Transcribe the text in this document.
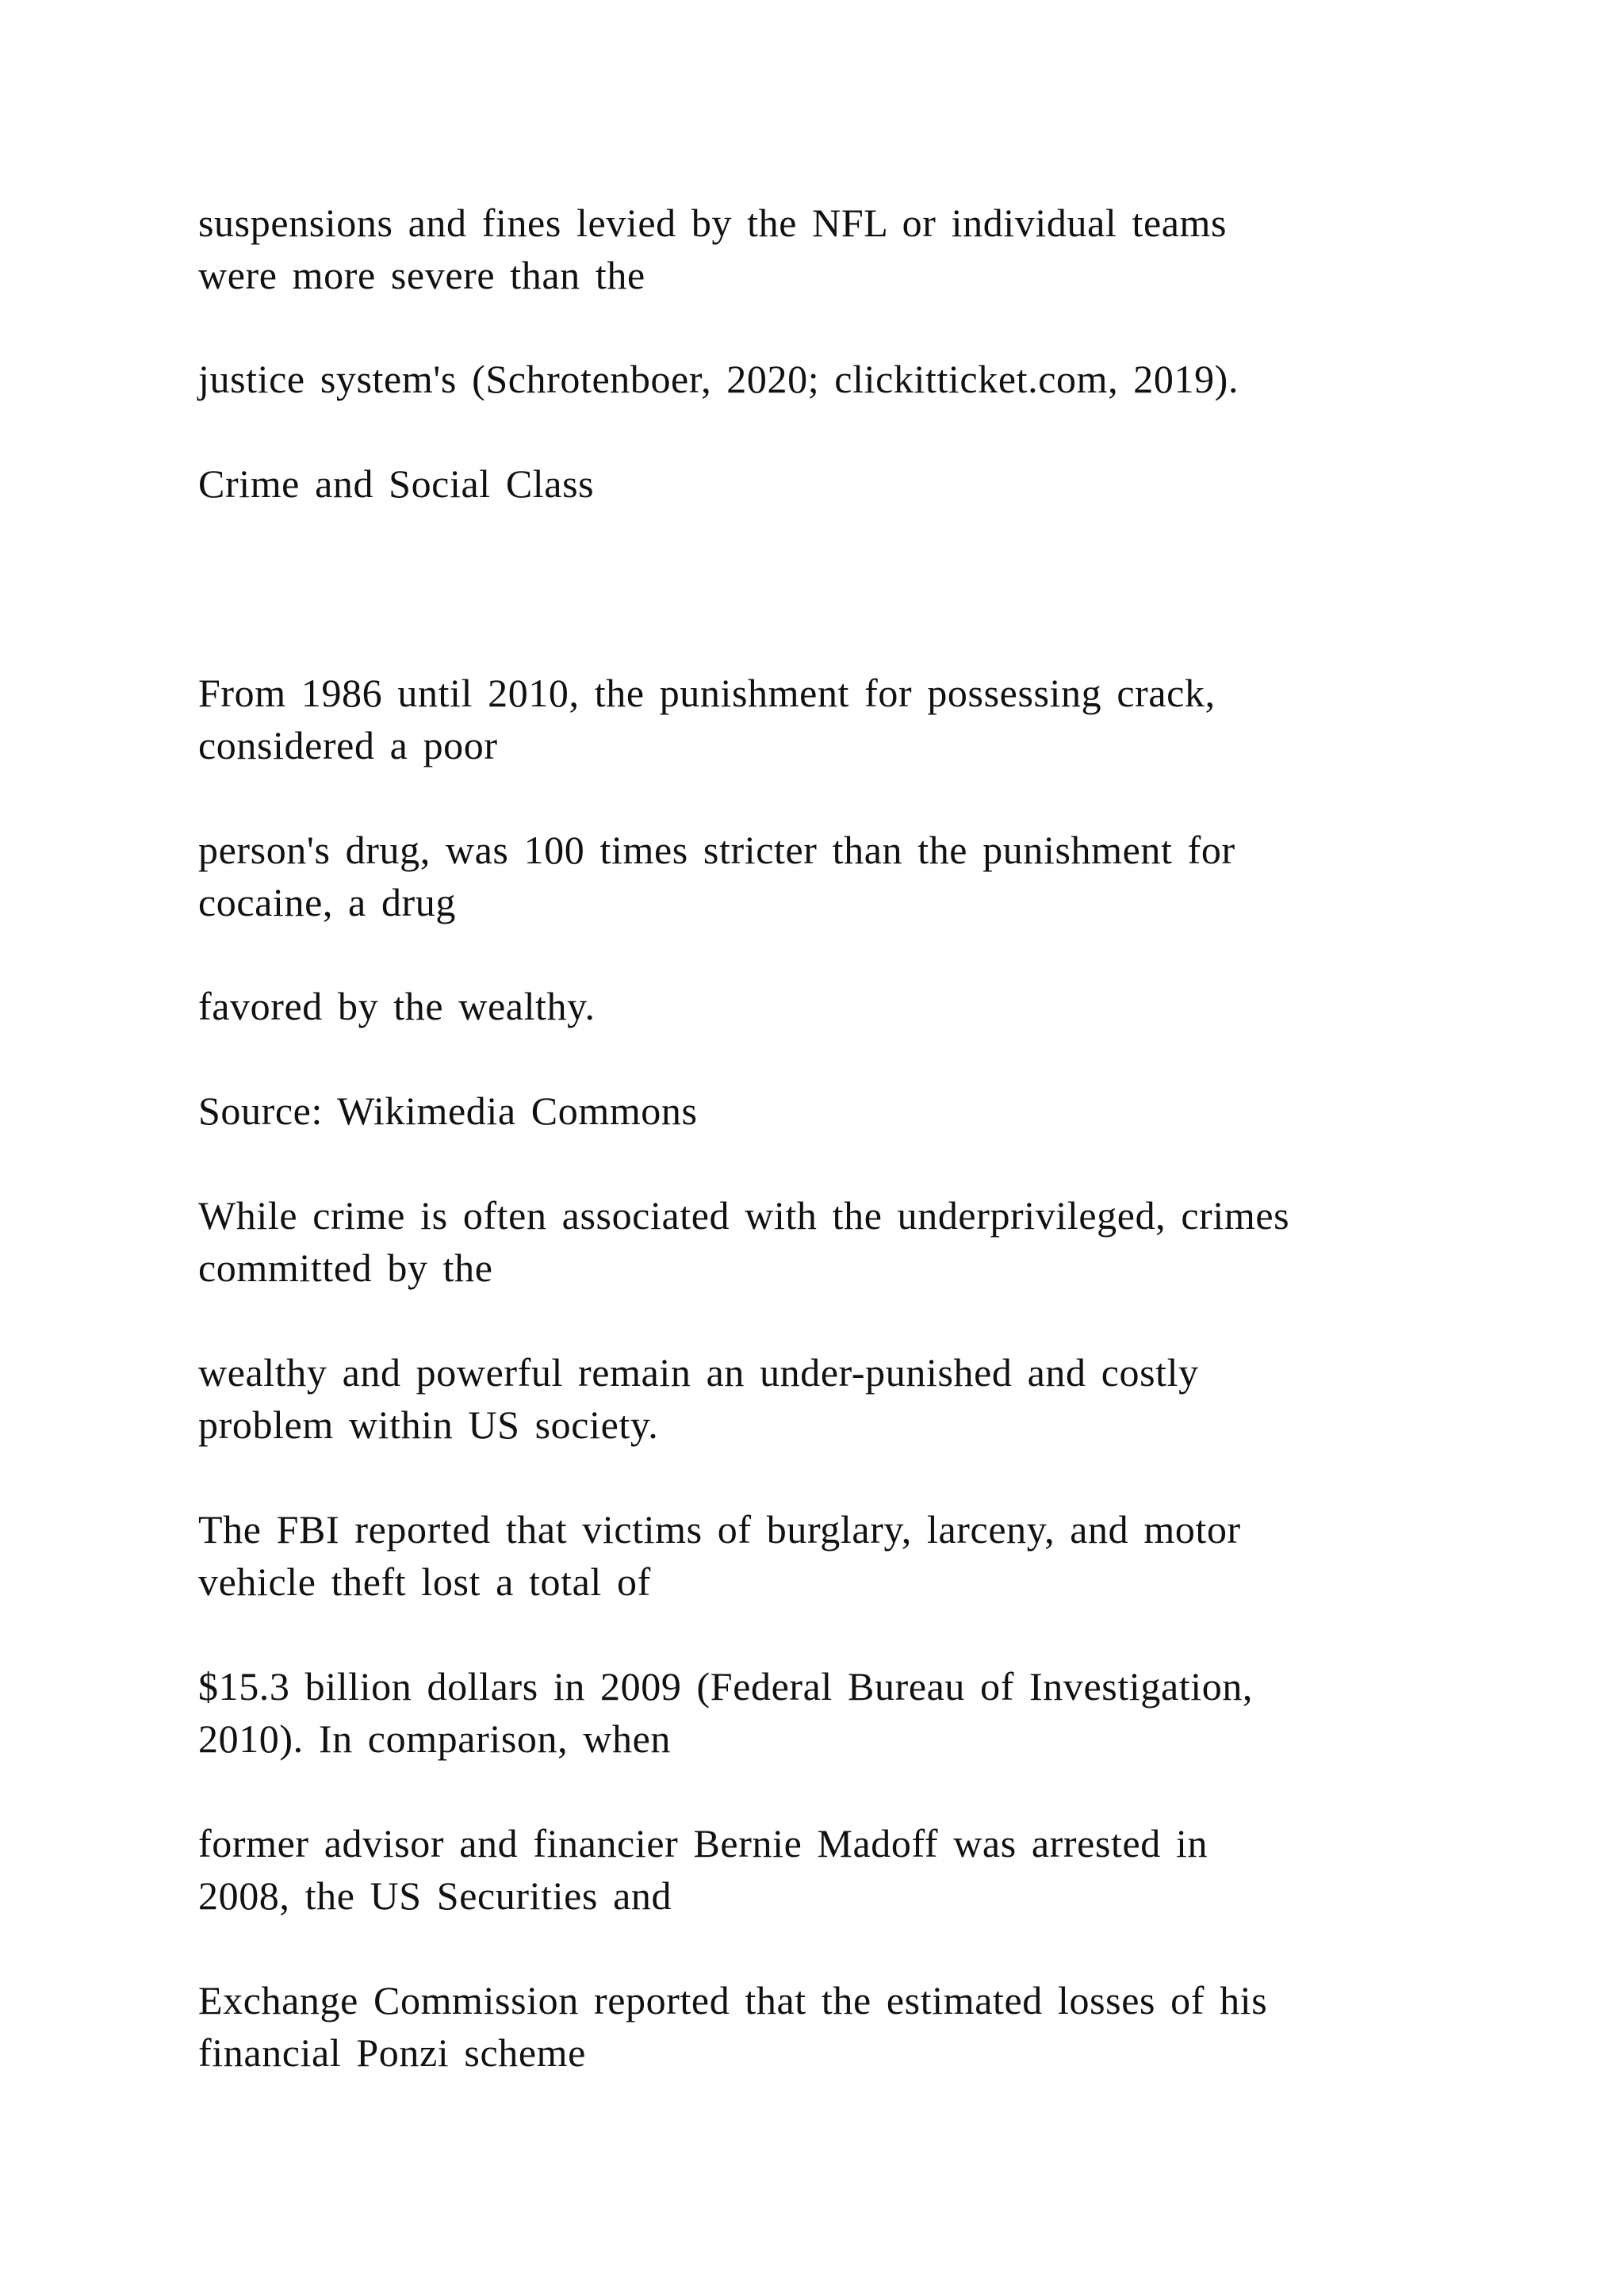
suspensions and fines levied by the NFL or individual teams
were more severe than the
justice system's (Schrotenboer, 2020; clickitticket.com, 2019).
Crime and Social Class
From 1986 until 2010, the punishment for possessing crack,
considered a poor
person's drug, was 100 times stricter than the punishment for
cocaine, a drug
favored by the wealthy.
Source: Wikimedia Commons
While crime is often associated with the underprivileged, crimes
committed by the
wealthy and powerful remain an under-punished and costly
problem within US society.
The FBI reported that victims of burglary, larceny, and motor
vehicle theft lost a total of
$15.3 billion dollars in 2009 (Federal Bureau of Investigation,
2010). In comparison, when
former advisor and financier Bernie Madoff was arrested in
2008, the US Securities and
Exchange Commission reported that the estimated losses of his
financial Ponzi scheme
